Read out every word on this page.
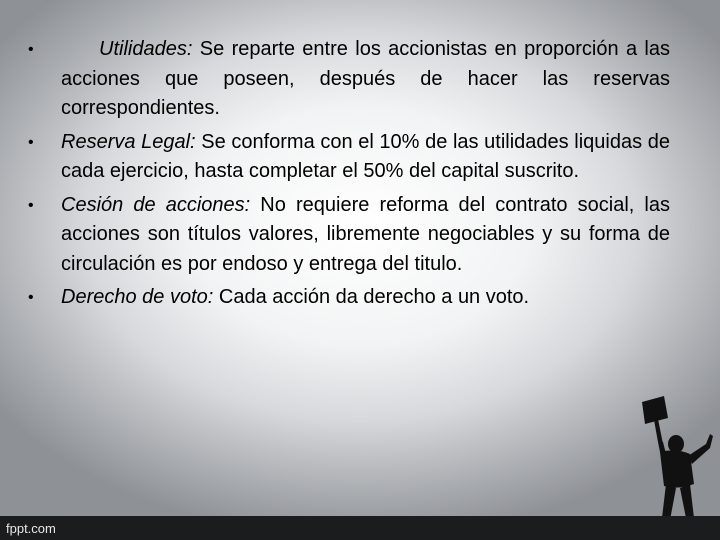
•	Utilidades: Se reparte entre los accionistas en proporción a las acciones que poseen, después de hacer las reservas correspondientes.
• Reserva Legal: Se conforma con el 10% de las utilidades liquidas de cada ejercicio, hasta completar el 50% del capital suscrito.
• Cesión de acciones: No requiere reforma del contrato social, las acciones son títulos valores, libremente negociables y su forma de circulación es por endoso y entrega del titulo.
• Derecho de voto: Cada acción da derecho a un voto.
fppt.com
